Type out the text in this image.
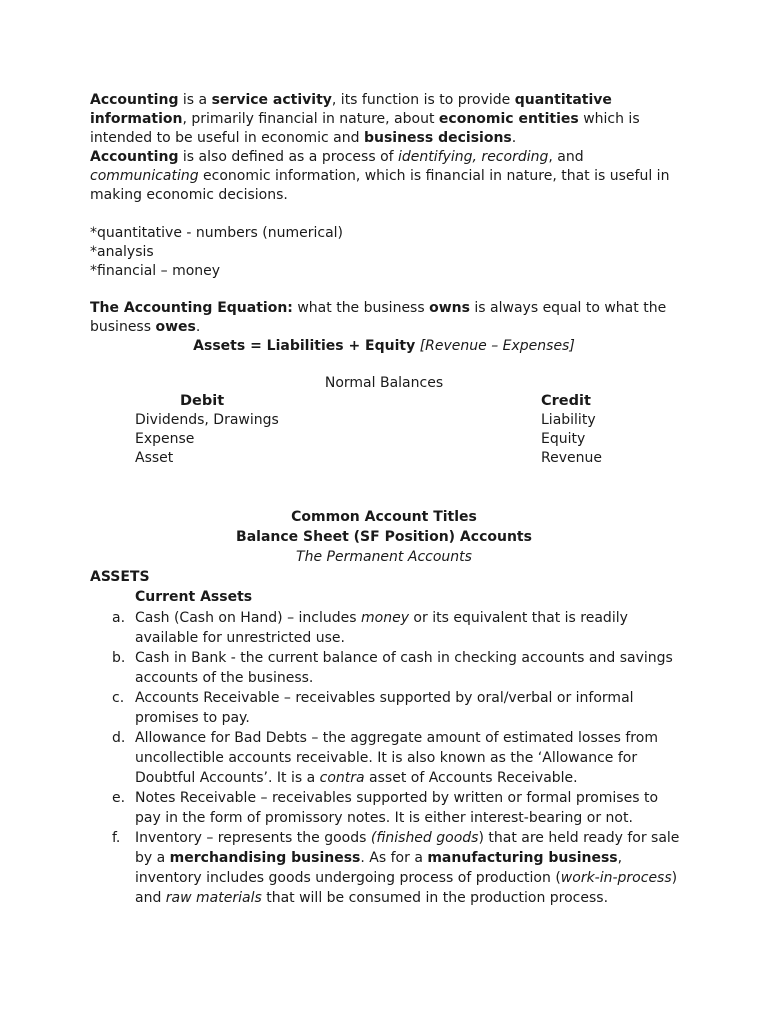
Accounting is a service activity, its function is to provide quantitative information, primarily financial in nature, about economic entities which is intended to be useful in economic and business decisions.

Accounting is also defined as a process of identifying, recording, and communicating economic information, which is financial in nature, that is useful in making economic decisions.

*quantitative - numbers (numerical)
*analysis
*financial – money

The Accounting Equation: what the business owns is always equal to what the business owes.

Assets = Liabilities + Equity [Revenue – Expenses]
Normal Balances
Debit	Credit
Dividends, Drawings
Expense
Asset
Liability
Equity
Revenue
Common Account Titles
Balance Sheet (SF Position) Accounts
The Permanent Accounts
ASSETS
Current Assets
a. Cash (Cash on Hand) – includes money or its equivalent that is readily available for unrestricted use.
b. Cash in Bank - the current balance of cash in checking accounts and savings accounts of the business.
c. Accounts Receivable – receivables supported by oral/verbal or informal promises to pay.
d. Allowance for Bad Debts – the aggregate amount of estimated losses from uncollectible accounts receivable. It is also known as the ‘Allowance for Doubtful Accounts’. It is a contra asset of Accounts Receivable.
e. Notes Receivable – receivables supported by written or formal promises to pay in the form of promissory notes. It is either interest-bearing or not.
f.	Inventory – represents the goods (finished goods) that are held ready for sale by a merchandising business. As for a manufacturing business, inventory includes goods undergoing process of production (work-in-process) and raw materials that will be consumed in the production process.
